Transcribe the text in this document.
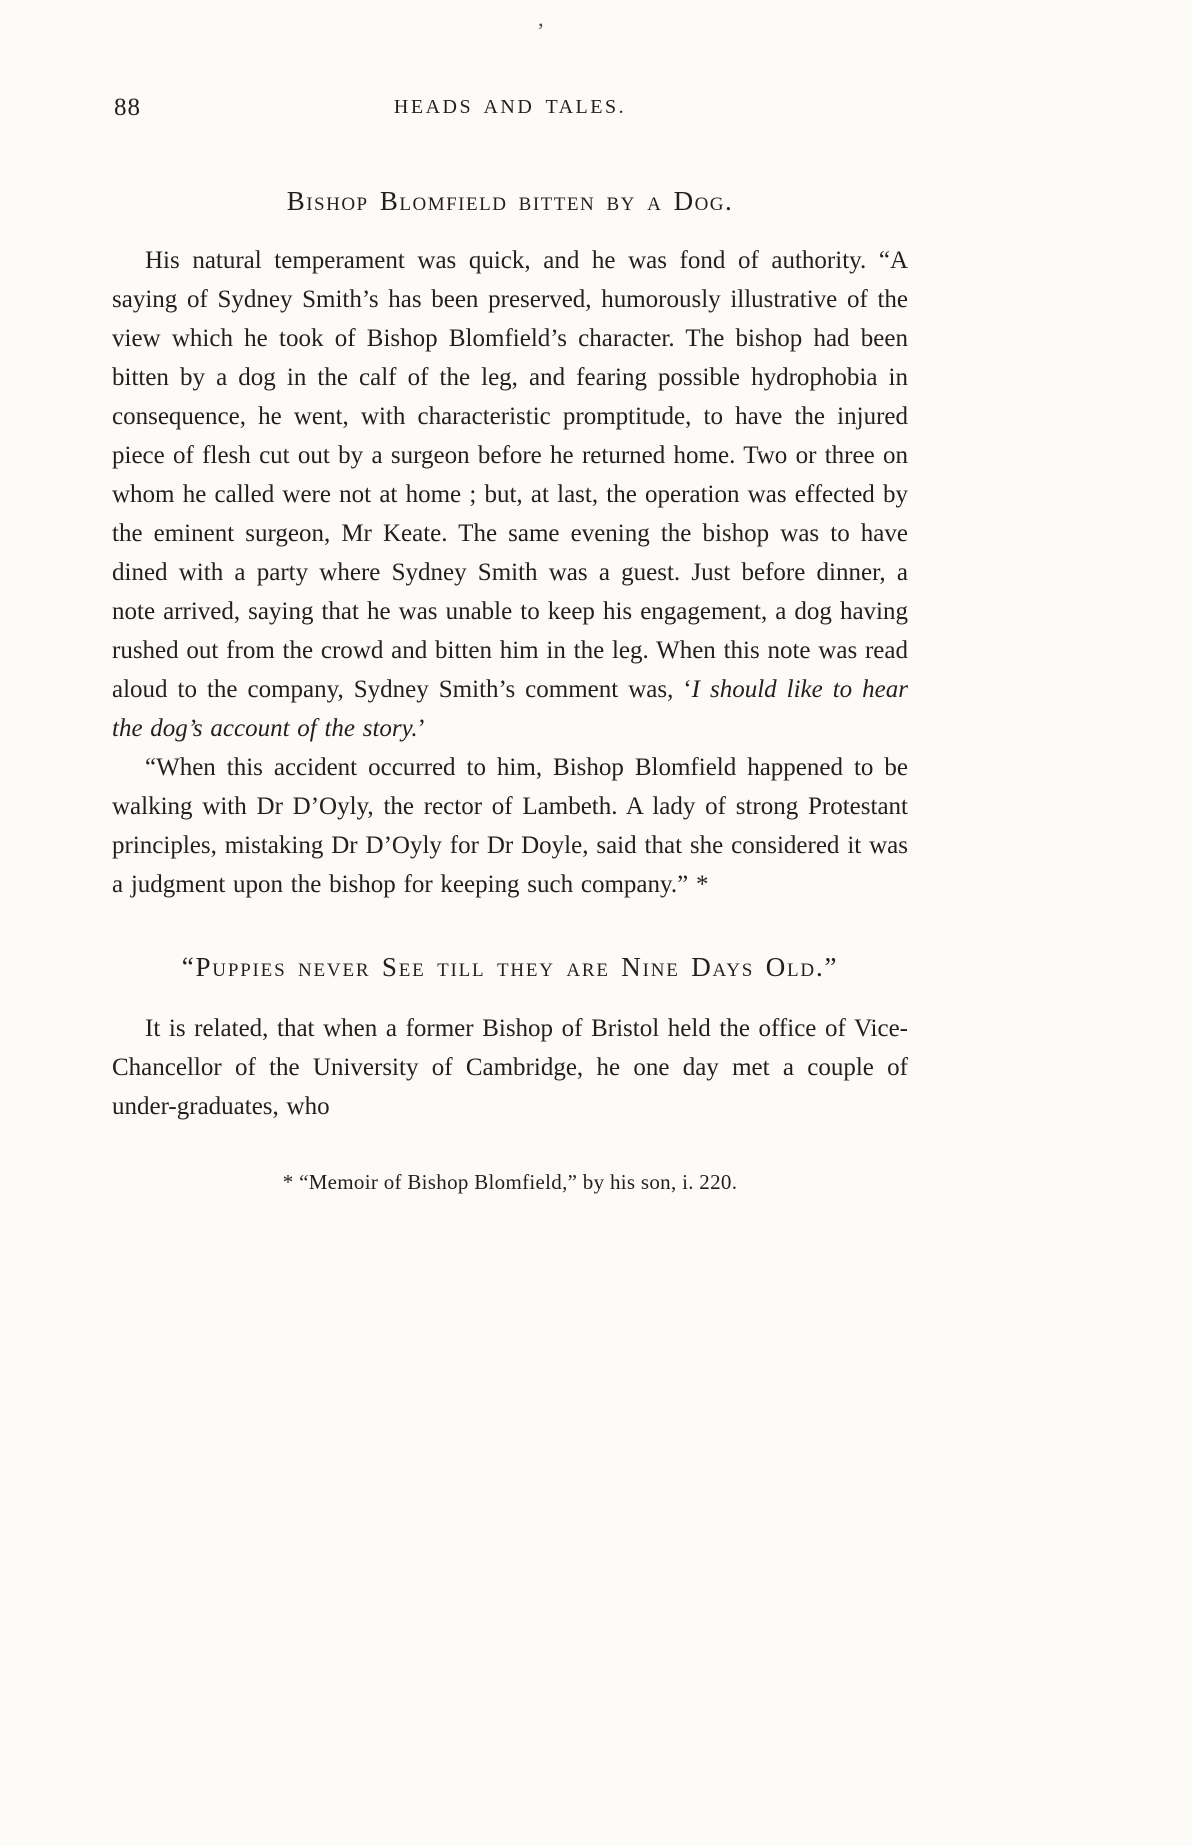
’
88	HEADS AND TALES.
Bishop Blomfield bitten by a Dog.

His natural temperament was quick, and he was fond of authority. “A saying of Sydney Smith’s has been preserved, humorously illustrative of the view which he took of Bishop Blomfield’s character. The bishop had been bitten by a dog in the calf of the leg, and fearing possible hydrophobia in consequence, he went, with characteristic promptitude, to have the injured piece of flesh cut out by a surgeon before he returned home. Two or three on whom he called were not at home ; but, at last, the operation was effected by the eminent surgeon, Mr Keate. The same evening the bishop was to have dined with a party where Sydney Smith was a guest. Just before dinner, a note arrived, saying that he was unable to keep his engagement, a dog having rushed out from the crowd and bitten him in the leg. When this note was read aloud to the company, Sydney Smith’s comment was, ‘I should like to hear the dog’s account of the story.’

“When this accident occurred to him, Bishop Blomfield happened to be walking with Dr D’Oyly, the rector of Lambeth. A lady of strong Protestant principles, mistaking Dr D’Oyly for Dr Doyle, said that she considered it was a judgment upon the bishop for keeping such company.” *

“Puppies never See till they are Nine Days Old.”

It is related, that when a former Bishop of Bristol held the office of Vice-Chancellor of the University of Cambridge, he one day met a couple of under-graduates, who

* “Memoir of Bishop Blomfield,” by his son, i. 220.
